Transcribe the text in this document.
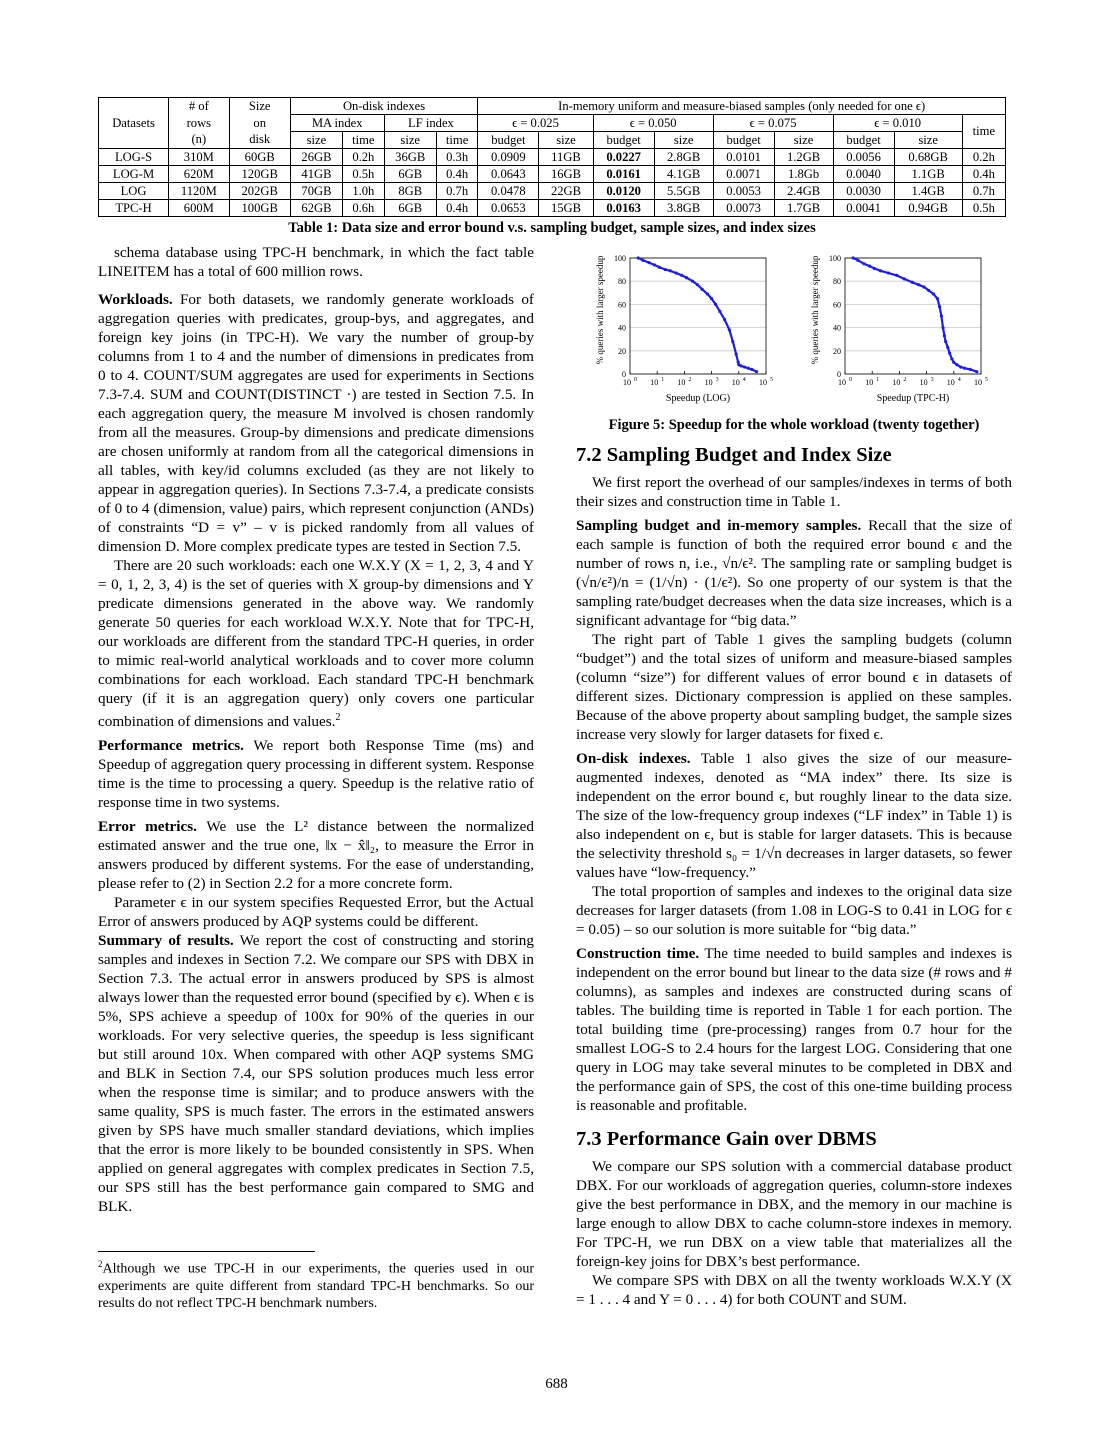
Datasets	# of	Size	On-disk indexes				In-memory uniform and measure-biased samples (only needed for one ϵ)								
	rows	on	MA index		LF index		ϵ = 0.025		ϵ = 0.050		ϵ = 0.075		ϵ = 0.010		time
	(n)	disk	size	time	size	time	budget	size	budget	size	budget	size	budget	size	
LOG-S	310M	60GB	26GB	0.2h	36GB	0.3h	0.0909	11GB	0.0227	2.8GB	0.0101	1.2GB	0.0056	0.68GB	0.2h
LOG-M	620M	120GB	41GB	0.5h	6GB	0.4h	0.0643	16GB	0.0161	4.1GB	0.0071	1.8Gb	0.0040	1.1GB	0.4h
LOG	1120M	202GB	70GB	1.0h	8GB	0.7h	0.0478	22GB	0.0120	5.5GB	0.0053	2.4GB	0.0030	1.4GB	0.7h
TPC-H	600M	100GB	62GB	0.6h	6GB	0.4h	0.0653	15GB	0.0163	3.8GB	0.0073	1.7GB	0.0041	0.94GB	0.5h
Table 1: Data size and error bound v.s. sampling budget, sample sizes, and index sizes

schema database using TPC-H benchmark, in which the fact table LINEITEM has a total of 600 million rows.

Workloads. For both datasets, we randomly generate workloads of aggregation queries with predicates, group-bys, and aggregates, and foreign key joins (in TPC-H). We vary the number of group-by columns from 1 to 4 and the number of dimensions in predicates from 0 to 4. COUNT/SUM aggregates are used for experiments in Sections 7.3-7.4. SUM and COUNT(DISTINCT ·) are tested in Section 7.5. In each aggregation query, the measure M involved is chosen randomly from all the measures. Group-by dimensions and predicate dimensions are chosen uniformly at random from all the categorical dimensions in all tables, with key/id columns excluded (as they are not likely to appear in aggregation queries). In Sections 7.3-7.4, a predicate consists of 0 to 4 (dimension, value) pairs, which represent conjunction (ANDs) of constraints “D = v” – v is picked randomly from all values of dimension D. More complex predicate types are tested in Section 7.5.

There are 20 such workloads: each one W.X.Y (X = 1, 2, 3, 4 and Y = 0, 1, 2, 3, 4) is the set of queries with X group-by dimensions and Y predicate dimensions generated in the above way. We randomly generate 50 queries for each workload W.X.Y. Note that for TPC-H, our workloads are different from the standard TPC-H queries, in order to mimic real-world analytical workloads and to cover more column combinations for each workload. Each standard TPC-H benchmark query (if it is an aggregation query) only covers one particular combination of dimensions and values.$^2$

Performance metrics. We report both Response Time (ms) and Speedup of aggregation query processing in different system. Response time is the time to processing a query. Speedup is the relative ratio of response time in two systems.

Error metrics. We use the L² distance between the normalized estimated answer and the true one, ‖x − x̂‖₂, to measure the Error in answers produced by different systems. For the ease of understanding, please refer to (2) in Section 2.2 for a more concrete form.

Parameter ϵ in our system specifies Requested Error, but the Actual Error of answers produced by AQP systems could be different.

Summary of results. We report the cost of constructing and storing samples and indexes in Section 7.2. We compare our SPS with DBX in Section 7.3. The actual error in answers produced by SPS is almost always lower than the requested error bound (specified by ϵ). When ϵ is 5%, SPS achieve a speedup of 100x for 90% of the queries in our workloads. For very selective queries, the speedup is less significant but still around 10x. When compared with other AQP systems SMG and BLK in Section 7.4, our SPS solution produces much less error when the response time is similar; and to produce answers with the same quality, SPS is much faster. The errors in the estimated answers given by SPS have much smaller standard deviations, which implies that the error is more likely to be bounded consistently in SPS. When applied on general aggregates with complex predicates in Section 7.5, our SPS still has the best performance gain compared to SMG and BLK.

$^2$Although we use TPC-H in our experiments, the queries used in our experiments are quite different from standard TPC-H benchmarks. So our results do not reflect TPC-H benchmark numbers.
0
20
40
60
80
100
10 0 10 1 10 2 10 3 10 4 10 5
Speedup (LOG)
% queries with larger speedup
0
20
40
60
80
100
10 0 10 1 10 2 10 3 10 4 10 5
Speedup (TPC-H)
% queries with larger speedup
Figure 5: Speedup for the whole workload (twenty together)
7.2 Sampling Budget and Index Size

We first report the overhead of our samples/indexes in terms of both their sizes and construction time in Table 1.

Sampling budget and in-memory samples. Recall that the size of each sample is function of both the required error bound ϵ and the number of rows n, i.e., √n/ϵ². The sampling rate or sampling budget is (√n/ϵ²)/n = (1/√n) · (1/ϵ²). So one property of our system is that the sampling rate/budget decreases when the data size increases, which is a significant advantage for “big data.”

The right part of Table 1 gives the sampling budgets (column “budget”) and the total sizes of uniform and measure-biased samples (column “size”) for different values of error bound ϵ in datasets of different sizes. Dictionary compression is applied on these samples. Because of the above property about sampling budget, the sample sizes increase very slowly for larger datasets for fixed ϵ.

On-disk indexes. Table 1 also gives the size of our measure-augmented indexes, denoted as “MA index” there. Its size is independent on the error bound ϵ, but roughly linear to the data size. The size of the low-frequency group indexes (“LF index” in Table 1) is also independent on ϵ, but is stable for larger datasets. This is because the selectivity threshold s₀ = 1/√n decreases in larger datasets, so fewer values have “low-frequency.”

The total proportion of samples and indexes to the original data size decreases for larger datasets (from 1.08 in LOG-S to 0.41 in LOG for ϵ = 0.05) – so our solution is more suitable for “big data.”

Construction time. The time needed to build samples and indexes is independent on the error bound but linear to the data size (# rows and # columns), as samples and indexes are constructed during scans of tables. The building time is reported in Table 1 for each portion. The total building time (pre-processing) ranges from 0.7 hour for the smallest LOG-S to 2.4 hours for the largest LOG. Considering that one query in LOG may take several minutes to be completed in DBX and the performance gain of SPS, the cost of this one-time building process is reasonable and profitable.

7.3 Performance Gain over DBMS

We compare our SPS solution with a commercial database product DBX. For our workloads of aggregation queries, column-store indexes give the best performance in DBX, and the memory in our machine is large enough to allow DBX to cache column-store indexes in memory. For TPC-H, we run DBX on a view table that materializes all the foreign-key joins for DBX’s best performance.

We compare SPS with DBX on all the twenty workloads W.X.Y (X = 1 . . . 4 and Y = 0 . . . 4) for both COUNT and SUM.

688
